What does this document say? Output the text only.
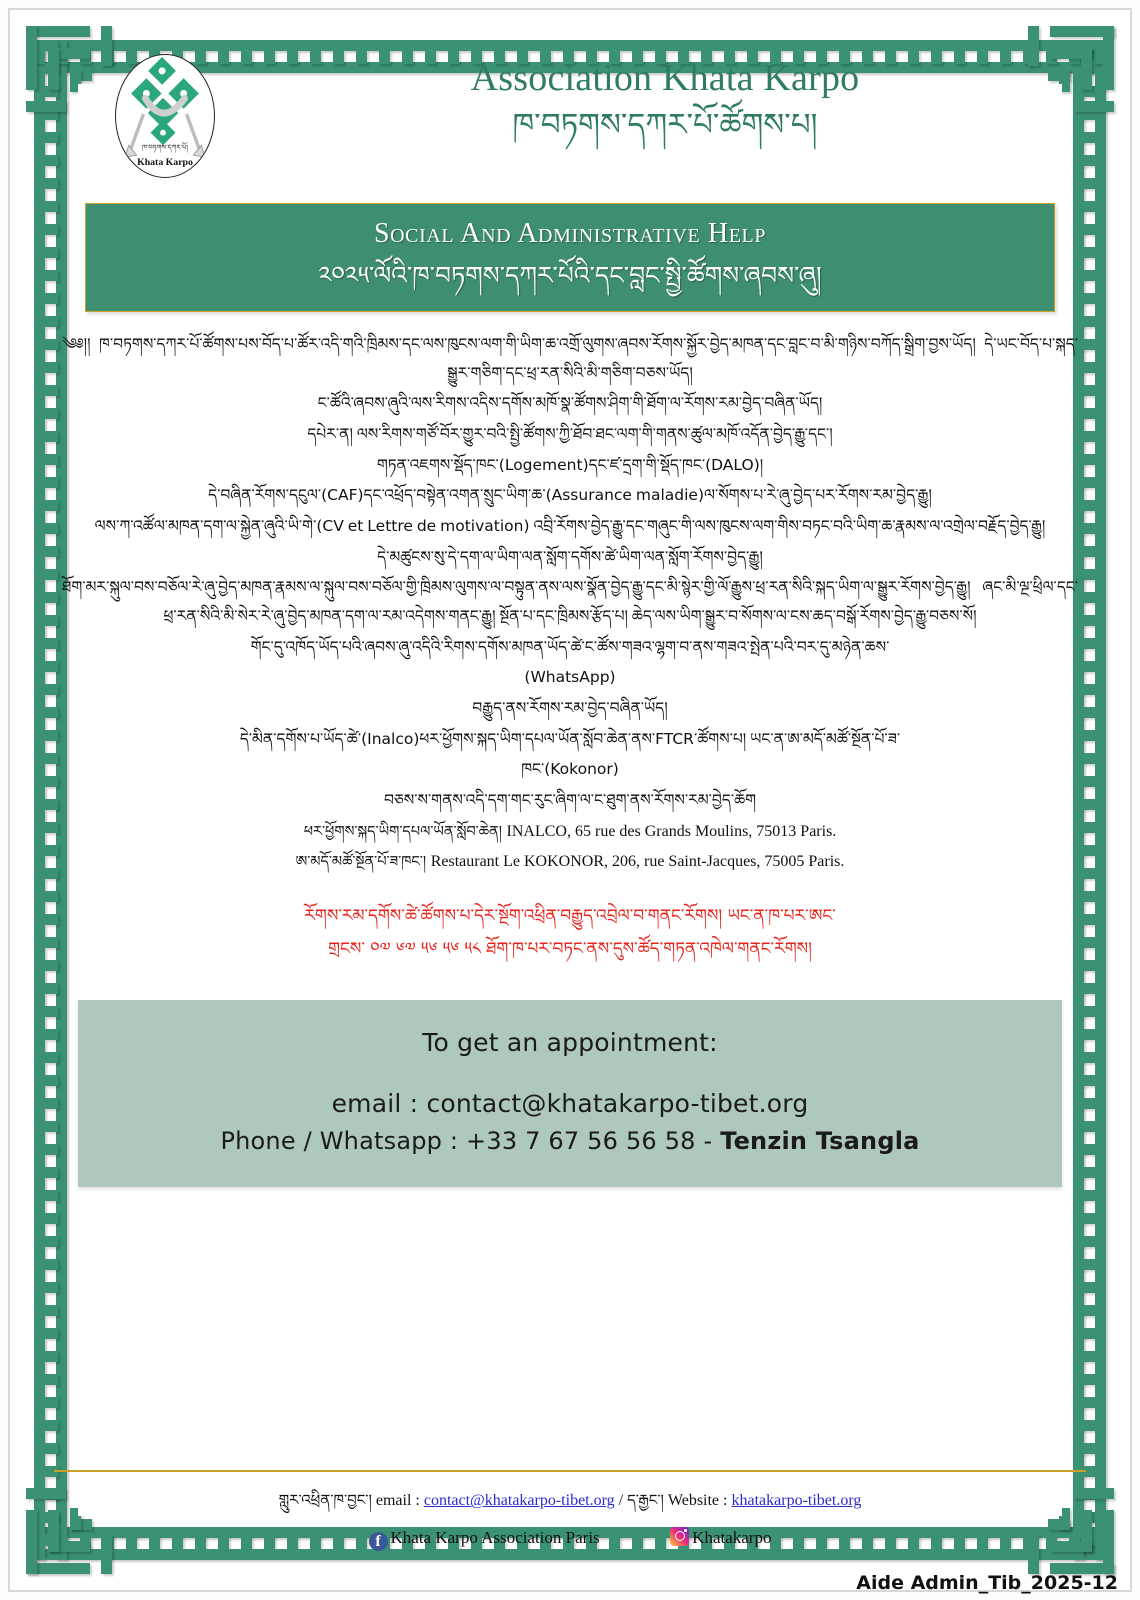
ཁ་བཏགས་དཀར་པོ།
Khata Karpo
Association Khata Karpo
ཁ་བཏགས་དཀར་པོ་ཚོགས་པ།
Social And Administrative Help
༢༠༢༥་ལོའི་ཁ་བཏགས་དཀར་པོའི་དང་བླང་སྤྱི་ཚོགས་ཞབས་ཞུ།

༄༅།། ཁ་བཏགས་དཀར་པོ་ཚོགས་པས་བོད་པ་ཚོར་འདི་གའི་ཁྲིམས་དང་ལས་ཁུངས་ལག་གི་ཡིག་ཆ་འགྲོ་ལུགས་ཞབས་རོགས་སྐྱོར་བྱེད་མཁན་དང་བླང་བ་མི་གཉིས་བཀོད་སྒྲིག་བྱས་ཡོད། དེ་ཡང་བོད་པ་སྐད་སྒྱུར་གཅིག་དང་ཕྲ་རན་སིའི་མི་གཅིག་བཅས་ཡོད།

ང་ཚོའི་ཞབས་ཞུའི་ལས་རིགས་འདིས་དགོས་མཁོ་སྣ་ཚོགས་ཤིག་གི་ཐོག་ལ་རོགས་རམ་བྱེད་བཞིན་ཡོད།

དཔེར་ན། ལས་རིགས་གཙོ་བོར་གྱུར་བའི་སྤྱི་ཚོགས་ཀྱི་ཐོབ་ཐང་ལག་གི་གནས་ཚུལ་མཁོ་འདོན་བྱེད་རྒྱུ་དང་།

གཏན་འཇགས་སྡོད་ཁང་(Logement)དང་ཛ་དྲག་གི་སྡོད་ཁང་(DALO)།

དེ་བཞིན་རོགས་དངུལ་(CAF)དང་འཕྲོད་བསྟེན་འགན་སྲུང་ཡིག་ཆ་(Assurance maladie)ལ་སོགས་པ་རེ་ཞུ་བྱེད་པར་རོགས་རམ་བྱེད་རྒྱུ།

ལས་ཀ་འཚོལ་མཁན་དག་ལ་སྐྱེན་ཞུའི་ཡི་གེ་(CV et Lettre de motivation) འབྲི་རོགས་བྱེད་རྒྱུ་དང་གཞུང་གི་ལས་ཁུངས་ལག་གིས་བཏང་བའི་ཡིག་ཆ་རྣམས་ལ་འགྲེལ་བརྗོད་བྱེད་རྒྱུ།

དེ་མཚུངས་སུ་དེ་དག་ལ་ཡིག་ལན་སློག་དགོས་ཚེ་ཡིག་ལན་སློག་རོགས་བྱེད་རྒྱུ།

ཐོག་མར་སྐུལ་བས་བཅོལ་རེ་ཞུ་བྱེད་མཁན་རྣམས་ལ་སྐུལ་བས་བཅོལ་གྱི་ཁྲིམས་ལུགས་ལ་བསྟུན་ནས་ལས་སྣོན་བྱེད་རྒྱུ་དང་མི་སྙེར་གྱི་ལོ་རྒྱུས་ཕྲ་རན་སིའི་སྐད་ཡིག་ལ་སྒྱུར་རོགས་བྱེད་རྒྱུ། ཞང་མི་ལྔ་ཕྲིལ་དང་ཕྲ་རན་སིའི་མི་སེར་རེ་ཞུ་བྱེད་མཁན་དག་ལ་རམ་འདེགས་གནང་རྒྱུ། སྔོན་པ་དང་ཁྲིམས་རྩོད་པ། ཆེད་ལས་ཡིག་སྒྱུར་བ་སོགས་ལ་ངས་ཆད་བསྒོ་རོགས་བྱེད་རྒྱུ་བཅས་སོ།

གོང་དུ་འཁོད་ཡོད་པའི་ཞབས་ཞུ་འདིའི་རིགས་དགོས་མཁན་ཡོད་ཚེ་ང་ཚོས་གཟའ་ལྷག་བ་ནས་གཟའ་སྤེན་པའི་བར་དུ་མཉེན་ཆས་

(WhatsApp)

བརྒྱུད་ནས་རོགས་རམ་བྱེད་བཞིན་ཡོད།

དེ་མིན་དགོས་པ་ཡོད་ཚེ་(Inalco)ཕར་ཕྱོགས་སྐད་ཡིག་དཔལ་ཡོན་སློབ་ཆེན་ནས་FTCR་ཚོགས་པ། ཡང་ན་ཨ་མདོ་མཚོ་སྔོན་པོ་ཟ་

ཁང་(Kokonor)

བཅས་ས་གནས་འདི་དག་གང་རུང་ཞིག་ལ་ང་ཐུག་ནས་རོགས་རམ་བྱེད་ཆོག

ཕར་ཕྱོགས་སྐད་ཡིག་དཔལ་ཡོན་སློབ་ཆེན། INALCO, 65 rue des Grands Moulins, 75013 Paris.

ཨ་མདོ་མཚོ་སྔོན་པོ་ཟ་ཁང་། Restaurant Le KOKONOR, 206, rue Saint-Jacques, 75005 Paris.

རོགས་རམ་དགོས་ཚེ་ཚོགས་པ་དེར་སྔོག་འཕྲིན་བརྒྱུད་འབྲེལ་བ་གནང་རོགས། ཡང་ན་ཁ་པར་ཨང་
གྲངས་ ༠༧ ༦༧ ༥༦ ༥༦ ༥༨ ཐོག་ཁ་པར་བཏང་ནས་དུས་ཚོད་གཏན་འཁེལ་གནང་རོགས།
To get an appointment:
email : contact@khatakarpo-tibet.org
Phone / Whatsapp : +33 7 67 56 56 58 - Tenzin Tsangla
གླུར་འཕྲིན་ཁ་བྱང་། email : contact@khatakarpo-tibet.org / ད་རྒྱང་། Website : khatakarpo-tibet.org
f Khata Karpo Association Paris	Khatakarpo
Aide Admin_Tib_2025-12
